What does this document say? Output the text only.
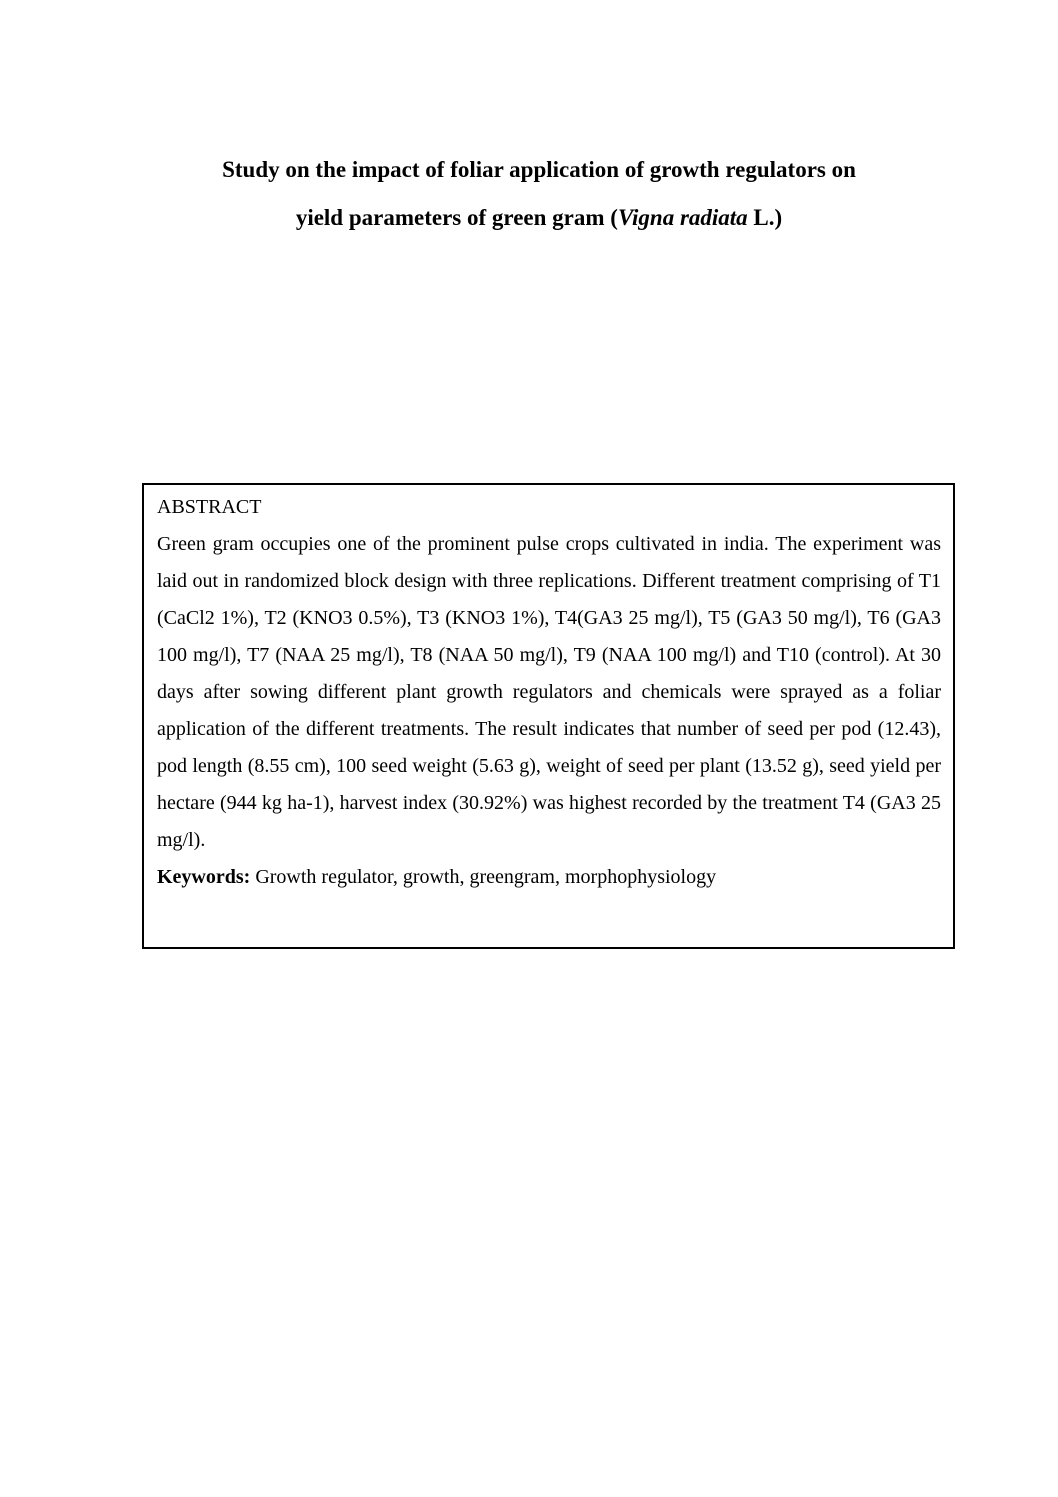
Study on the impact of foliar application of growth regulators on
yield parameters of green gram (Vigna radiata L.)
ABSTRACT

Green gram occupies one of the prominent pulse crops cultivated in india. The experiment was laid out in randomized block design with three replications. Different treatment comprising of T1 (CaCl2 1%), T2 (KNO3 0.5%), T3 (KNO3 1%), T4(GA3 25 mg/l), T5 (GA3 50 mg/l), T6 (GA3 100 mg/l), T7 (NAA 25 mg/l), T8 (NAA 50 mg/l), T9 (NAA 100 mg/l) and T10 (control). At 30 days after sowing different plant growth regulators and chemicals were sprayed as a foliar application of the different treatments. The result indicates that number of seed per pod (12.43), pod length (8.55 cm), 100 seed weight (5.63 g), weight of seed per plant (13.52 g), seed yield per hectare (944 kg ha-1), harvest index (30.92%) was highest recorded by the treatment T4 (GA3 25 mg/l).

Keywords: Growth regulator, growth, greengram, morphophysiology
